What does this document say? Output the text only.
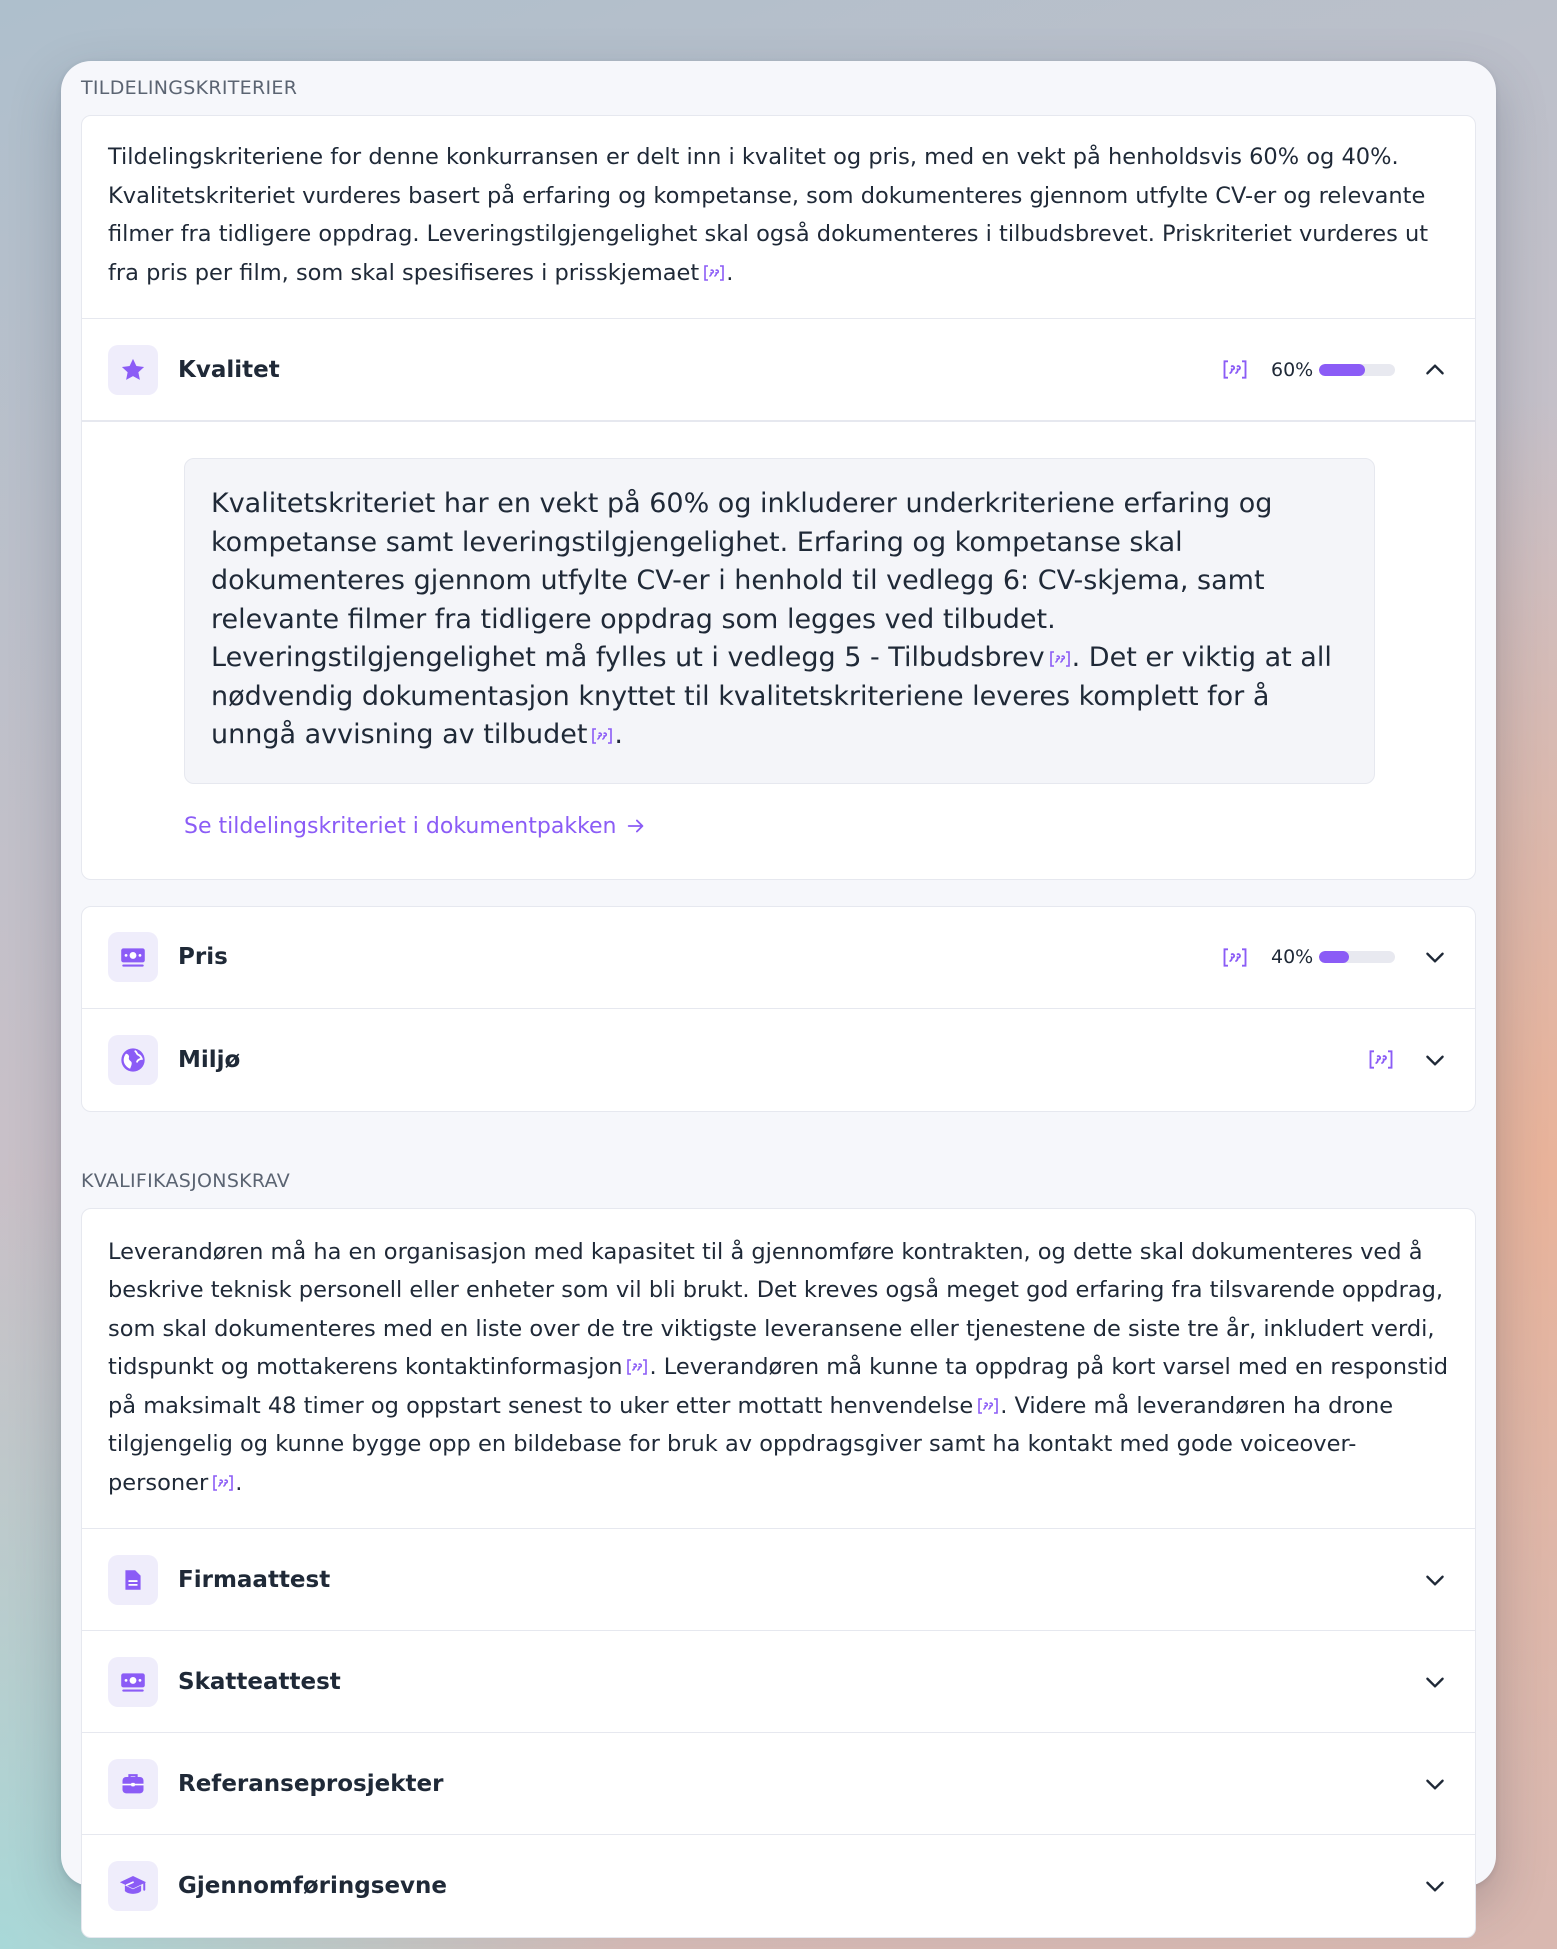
TILDELINGSKRITERIER
Tildelingskriteriene for denne konkurransen er delt inn i kvalitet og pris, med en vekt på henholdsvis 60% og 40%. Kvalitetskriteriet vurderes basert på erfaring og kompetanse, som dokumenteres gjennom utfylte CV-er og relevante filmer fra tidligere oppdrag. Leveringstilgjengelighet skal også dokumenteres i tilbudsbrevet. Priskriteriet vurderes ut fra pris per film, som skal spesifiseres i prisskjemaet .
Kvalitet	60%
Kvalitetskriteriet har en vekt på 60% og inkluderer underkriteriene erfaring og kompetanse samt leveringstilgjengelighet. Erfaring og kompetanse skal dokumenteres gjennom utfylte CV-er i henhold til vedlegg 6: CV-skjema, samt relevante filmer fra tidligere oppdrag som legges ved tilbudet. Leveringstilgjengelighet må fylles ut i vedlegg 5 - Tilbudsbrev . Det er viktig at all nødvendig dokumentasjon knyttet til kvalitetskriteriene leveres komplett for å unngå avvisning av tilbudet .
Se tildelingskriteriet i dokumentpakken
Pris	40%
Miljø
KVALIFIKASJONSKRAV
Leverandøren må ha en organisasjon med kapasitet til å gjennomføre kontrakten, og dette skal dokumenteres ved å beskrive teknisk personell eller enheter som vil bli brukt. Det kreves også meget god erfaring fra tilsvarende oppdrag, som skal dokumenteres med en liste over de tre viktigste leveransene eller tjenestene de siste tre år, inkludert verdi, tidspunkt og mottakerens kontaktinformasjon . Leverandøren må kunne ta oppdrag på kort varsel med en responstid på maksimalt 48 timer og oppstart senest to uker etter mottatt henvendelse . Videre må leverandøren ha drone tilgjengelig og kunne bygge opp en bildebase for bruk av oppdragsgiver samt ha kontakt med gode voiceover-personer .
Firmaattest
Skatteattest
Referanseprosjekter
Gjennomføringsevne
